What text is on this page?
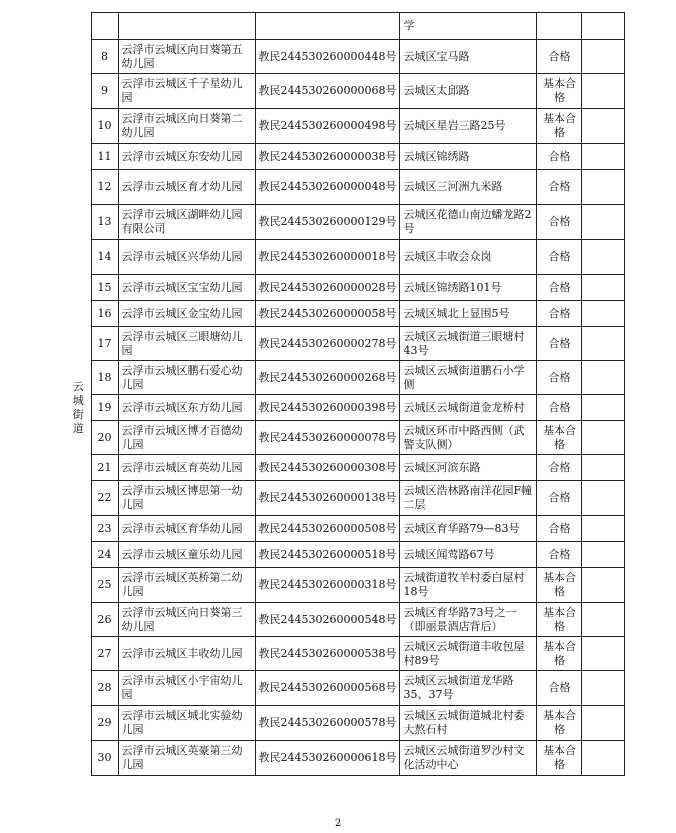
				学		

云
城
街
道	8	云浮市云城区向日葵第五幼儿园	教民244530260000448号	云城区宝马路	合格	
	9	云浮市云城区千子星幼儿园	教民244530260000068号	云城区太邱路	基本合格	
	10	云浮市云城区向日葵第二幼儿园	教民244530260000498号	云城区星岩三路25号	基本合格	
	11	云浮市云城区东安幼儿园	教民244530260000038号	云城区锦绣路	合格	
	12	云浮市云城区育才幼儿园	教民244530260000048号	云城区三河洲九米路	合格	
	13	云浮市云城区湖畔幼儿园有限公司	教民244530260000129号	云城区花德山南边蟠龙路2号	合格	
	14	云浮市云城区兴华幼儿园	教民244530260000018号	云城区丰收会众岗	合格	
	15	云浮市云城区宝宝幼儿园	教民244530260000028号	云城区锦绣路101号	合格	
	16	云浮市云城区金宝幼儿园	教民244530260000058号	云城区城北上显围5号	合格	
	17	云浮市云城区三眼塘幼儿园	教民244530260000278号	云城区云城街道三眼塘村43号	合格	
	18	云浮市云城区鹏石爱心幼儿园	教民244530260000268号	云城区云城街道鹏石小学侧	合格	
	19	云浮市云城区东方幼儿园	教民244530260000398号	云城区云城街道金龙桥村	合格	
	20	云浮市云城区博才百德幼儿园	教民244530260000078号	云城区环市中路西侧（武警支队侧）	基本合格	
	21	云浮市云城区育英幼儿园	教民244530260000308号	云城区河滨东路	合格	
	22	云浮市云城区博思第一幼儿园	教民244530260000138号	云城区浩林路南洋花园F幢二层	合格	
	23	云浮市云城区育华幼儿园	教民244530260000508号	云城区育华路79—83号	合格	
	24	云浮市云城区童乐幼儿园	教民244530260000518号	云城区闻莺路67号	合格	
	25	云浮市云城区英桥第二幼儿园	教民244530260000318号	云城街道牧羊村委白屋村18号	基本合格	
	26	云浮市云城区向日葵第三幼儿园	教民244530260000548号	云城区育华路73号之一（即丽景酒店背后）	基本合格	
	27	云浮市云城区丰收幼儿园	教民244530260000538号	云城区云城街道丰收包屋村89号	基本合格	
	28	云浮市云城区小宇宙幼儿园	教民244530260000568号	云城区云城街道龙华路35、37号	合格	
	29	云浮市云城区城北实验幼儿园	教民244530260000578号	云城区云城街道城北村委大熬石村	基本合格	
	30	云浮市云城区英豪第三幼儿园	教民244530260000618号	云城区云城街道罗沙村文化活动中心	基本合格	
2
